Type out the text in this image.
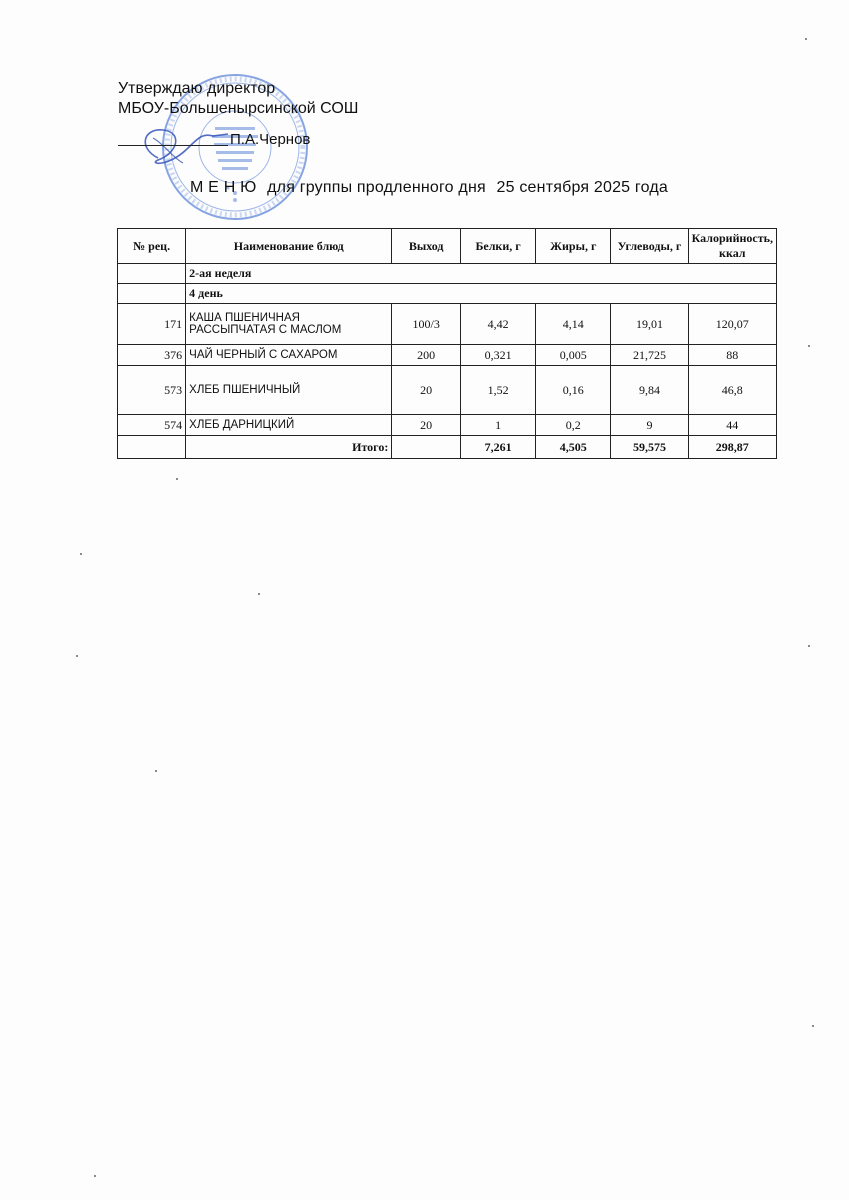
Утверждаю директор
МБОУ-Большенырсинской СОШ
П.А.Чернов
М Е Н Ю для группы продленного дня 25 сентября 2025 года
№ рец.	Наименование блюд	Выход	Белки, г	Жиры, г	Углеводы, г	Калорийность, ккал
	2-ая неделя					
	4 день					
171	КАША ПШЕНИЧНАЯ РАССЫПЧАТАЯ С МАСЛОМ	100/3	4,42	4,14	19,01	120,07
376	ЧАЙ ЧЕРНЫЙ С САХАРОМ	200	0,321	0,005	21,725	88
573	ХЛЕБ ПШЕНИЧНЫЙ	20	1,52	0,16	9,84	46,8
574	ХЛЕБ ДАРНИЦКИЙ	20	1	0,2	9	44
	Итого:		7,261	4,505	59,575	298,87
